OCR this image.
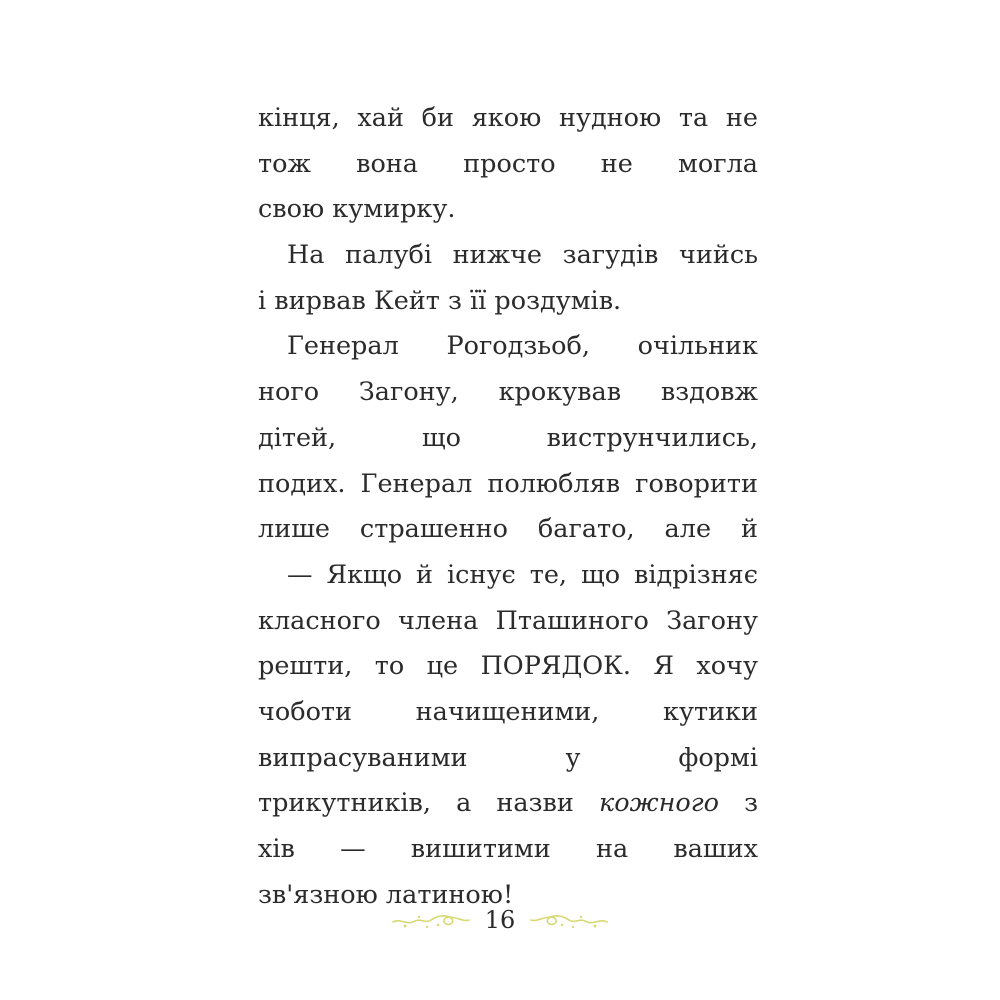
кінця, хай би якою нудною та не
тож вона просто не могла
свою кумирку.
На палубі нижче загудів чийсь
і вирвав Кейт з її роздумів.
Генерал Рогодзьоб, очільник
ного Загону, крокував вздовж
дітей, що виструнчились,
подих. Генерал полюбляв говорити
лише страшенно багато, але й
— Якщо й існує те, що відрізняє
класного члена Пташиного Загону
решти, то це ПОРЯДОК. Я хочу
чоботи начищеними, кутики
випрасуваними у формі
трикутників, а назви кожного з
хів — вишитими на ваших
зв'язною латиною!
16
